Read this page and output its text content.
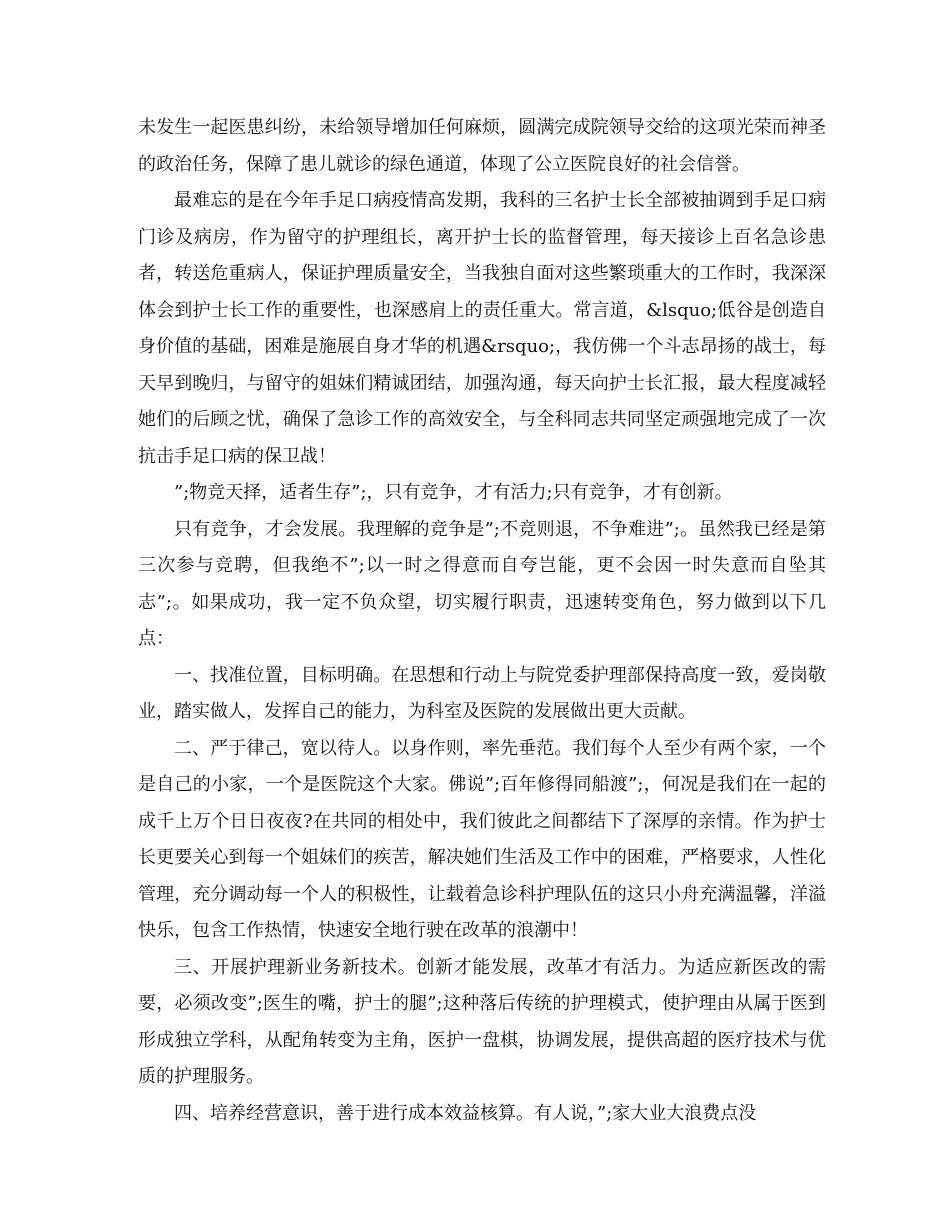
未发生一起医患纠纷，未给领导增加任何麻烦，圆满完成院领导交给的这项光荣而神圣的政治任务，保障了患儿就诊的绿色通道，体现了公立医院良好的社会信誉。

最难忘的是在今年手足口病疫情高发期，我科的三名护士长全部被抽调到手足口病门诊及病房，作为留守的护理组长，离开护士长的监督管理，每天接诊上百名急诊患者，转送危重病人，保证护理质量安全，当我独自面对这些繁琐重大的工作时，我深深体会到护士长工作的重要性，也深感肩上的责任重大。常言道，&lsquo;低谷是创造自身价值的基础，困难是施展自身才华的机遇&rsquo;，我仿佛一个斗志昂扬的战士，每天早到晚归，与留守的姐妹们精诚团结，加强沟通，每天向护士长汇报，最大程度减轻她们的后顾之忧，确保了急诊工作的高效安全，与全科同志共同坚定顽强地完成了一次抗击手足口病的保卫战！

”;物竞天择，适者生存”;，只有竞争，才有活力;只有竞争，才有创新。

只有竞争，才会发展。我理解的竞争是”;不竞则退，不争难进”;。虽然我已经是第三次参与竞聘，但我绝不”;以一时之得意而自夸岂能，更不会因一时失意而自坠其志”;。如果成功，我一定不负众望，切实履行职责，迅速转变角色，努力做到以下几点：

一、找准位置，目标明确。在思想和行动上与院党委护理部保持高度一致，爱岗敬业，踏实做人，发挥自己的能力，为科室及医院的发展做出更大贡献。

二、严于律己，宽以待人。以身作则，率先垂范。我们每个人至少有两个家，一个是自己的小家，一个是医院这个大家。佛说”;百年修得同船渡”;，何况是我们在一起的成千上万个日日夜夜?在共同的相处中，我们彼此之间都结下了深厚的亲情。作为护士长更要关心到每一个姐妹们的疾苦，解决她们生活及工作中的困难，严格要求，人性化管理，充分调动每一个人的积极性，让载着急诊科护理队伍的这只小舟充满温馨，洋溢快乐，包含工作热情，快速安全地行驶在改革的浪潮中！

三、开展护理新业务新技术。创新才能发展，改革才有活力。为适应新医改的需要，必须改变”;医生的嘴，护士的腿”;这种落后传统的护理模式，使护理由从属于医到形成独立学科，从配角转变为主角，医护一盘棋，协调发展，提供高超的医疗技术与优质的护理服务。

四、培养经营意识，善于进行成本效益核算。有人说，”;家大业大浪费点没
